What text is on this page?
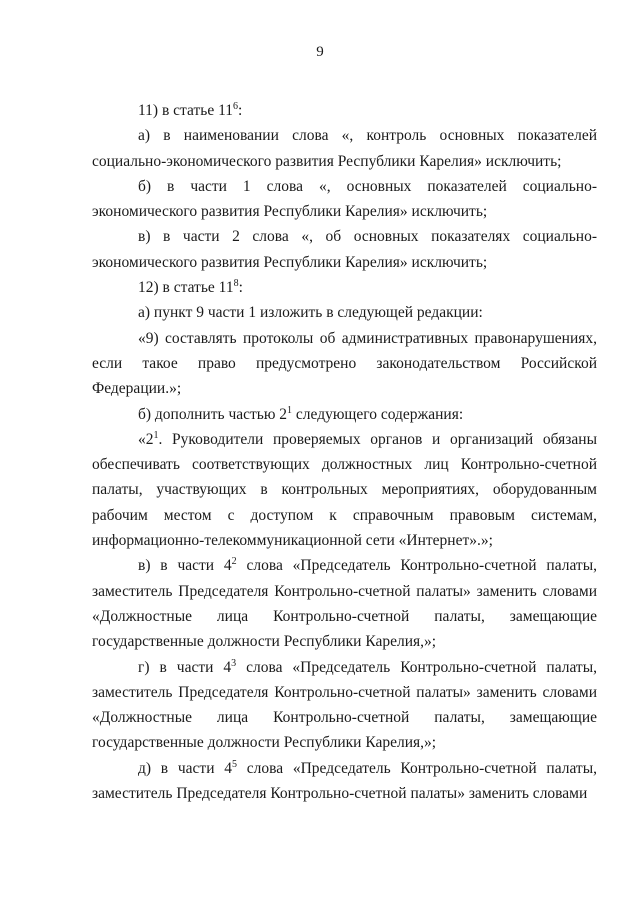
9

11) в статье $11^6$:

а) в наименовании слова «, контроль основных показателей социально-экономического развития Республики Карелия» исключить;

б) в части 1 слова «, основных показателей социально-экономического развития Республики Карелия» исключить;

в) в части 2 слова «, об основных показателях социально-экономического развития Республики Карелия» исключить;

12) в статье $11^8$:

а) пункт 9 части 1 изложить в следующей редакции:

«9) составлять протоколы об административных правонарушениях, если такое право предусмотрено законодательством Российской Федерации.»;

б) дополнить частью $2^1$ следующего содержания:

«$2^1$. Руководители проверяемых органов и организаций обязаны обеспечивать соответствующих должностных лиц Контрольно-счетной палаты, участвующих в контрольных мероприятиях, оборудованным рабочим местом с доступом к справочным правовым системам, информационно-телекоммуникационной сети «Интернет».»;

в) в части $4^2$ слова «Председатель Контрольно-счетной палаты, заместитель Председателя Контрольно-счетной палаты» заменить словами «Должностные лица Контрольно-счетной палаты, замещающие государственные должности Республики Карелия,»;

г) в части $4^3$ слова «Председатель Контрольно-счетной палаты, заместитель Председателя Контрольно-счетной палаты» заменить словами «Должностные лица Контрольно-счетной палаты, замещающие государственные должности Республики Карелия,»;

д) в части $4^5$ слова «Председатель Контрольно-счетной палаты, заместитель Председателя Контрольно-счетной палаты» заменить словами
